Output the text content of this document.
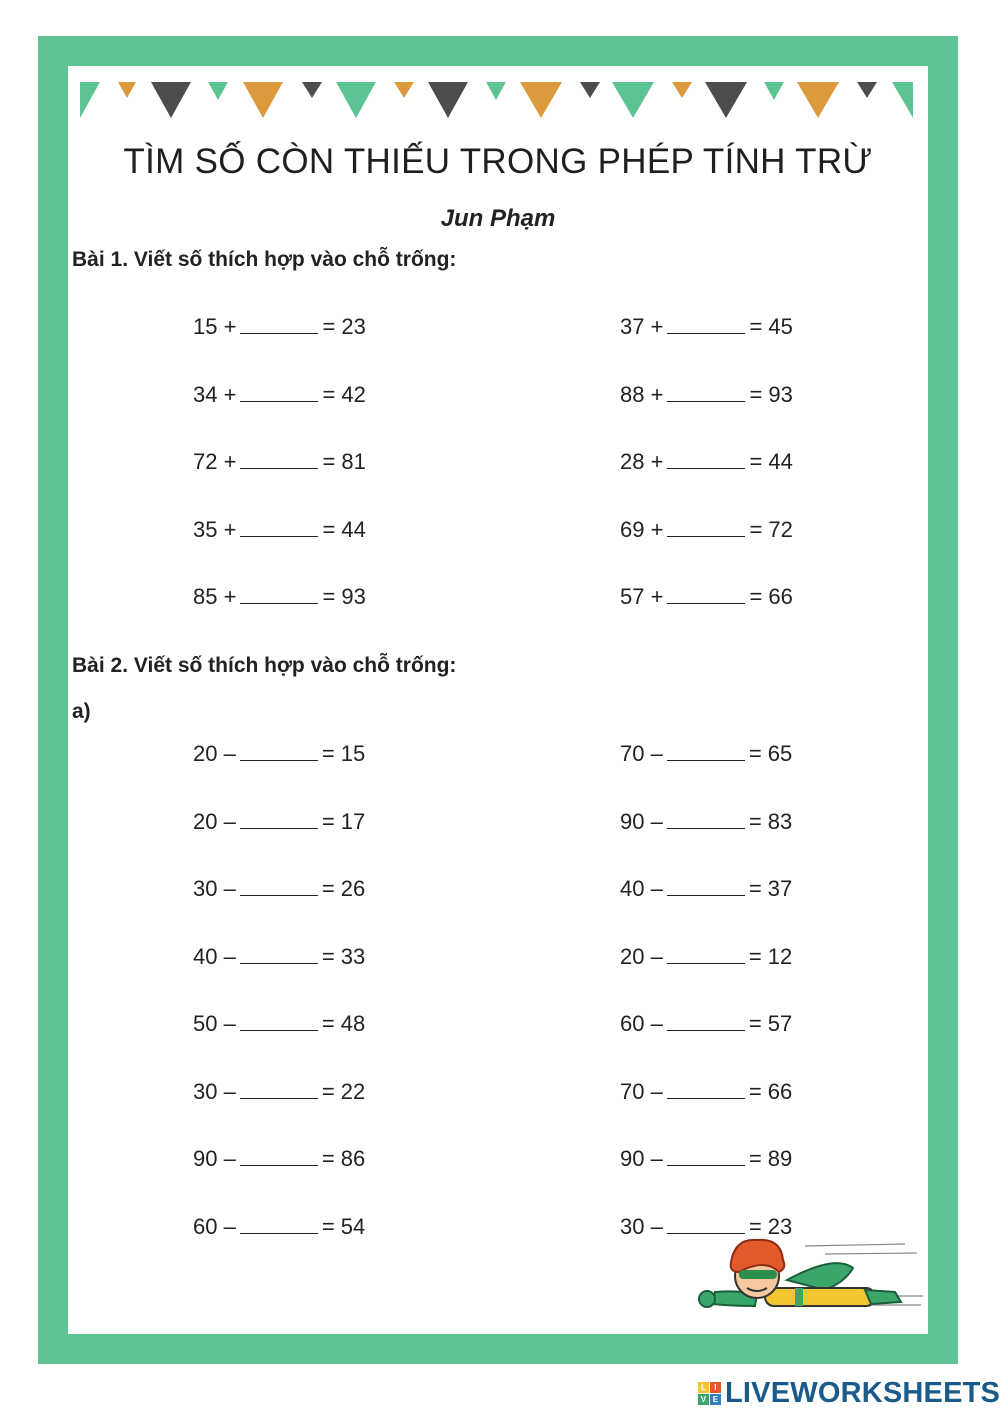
TÌM SỐ CÒN THIẾU TRONG PHÉP TÍNH TRỪ
Jun Phạm
Bài 1. Viết số thích hợp vào chỗ trống:
15 +	= 23	37 +	= 45
34 +	= 42	88 +	= 93
72 +	= 81	28 +	= 44
35 +	= 44	69 +	= 72
85 +	= 93	57 +	= 66
Bài 2. Viết số thích hợp vào chỗ trống:
a)
20 –	= 15	70 –	= 65
20 –	= 17	90 –	= 83
30 –	= 26	40 –	= 37
40 –	= 33	20 –	= 12
50 –	= 48	60 –	= 57
30 –	= 22	70 –	= 66
90 –	= 86	90 –	= 89
60 –	= 54	30 –	= 23
L	I
V E LIVEWORKSHEETS
